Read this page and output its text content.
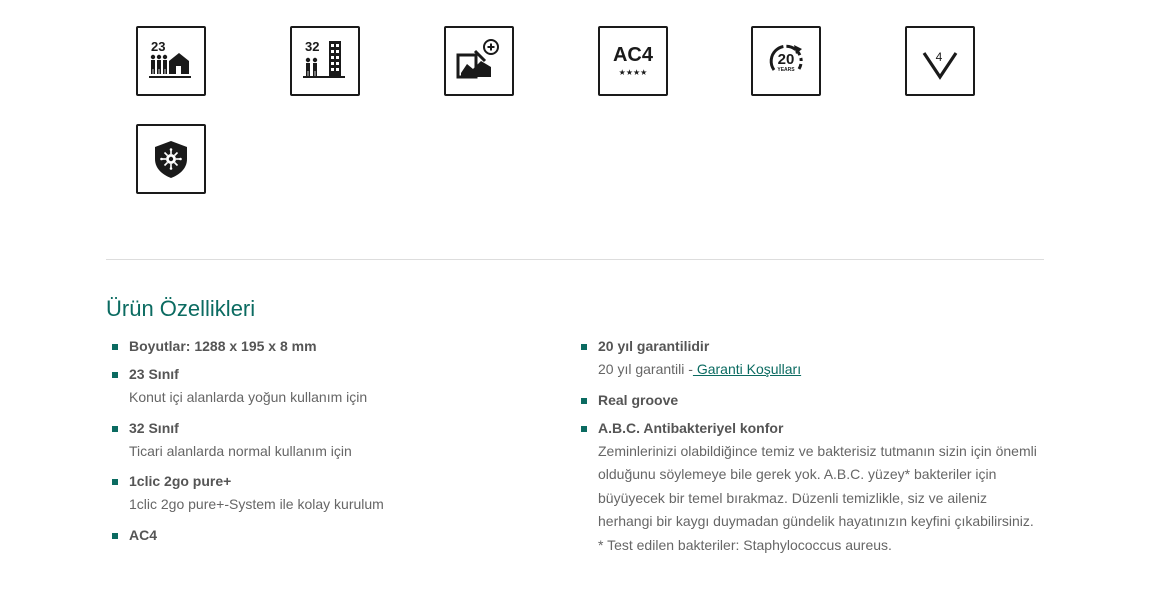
23	32	AC4
★★★★
20
YEARS
4
Ürün Özellikleri
Boyutlar: 1288 x 195 x 8 mm
23 Sınıf
Konut içi alanlarda yoğun kullanım için
32 Sınıf
Ticari alanlarda normal kullanım için
1clic 2go pure+
1clic 2go pure+-System ile kolay kurulum
AC4
20 yıl garantilidir
20 yıl garantili - Garanti Koşulları
Real groove
A.B.C. Antibakteriyel konfor
Zeminlerinizi olabildiğince temiz ve bakterisiz tutmanın sizin için önemli
olduğunu söylemeye bile gerek yok. A.B.C. yüzey* bakteriler için
büyüyecek bir temel bırakmaz. Düzenli temizlikle, siz ve aileniz
herhangi bir kaygı duymadan gündelik hayatınızın keyfini çıkabilirsiniz.
* Test edilen bakteriler: Staphylococcus aureus.
